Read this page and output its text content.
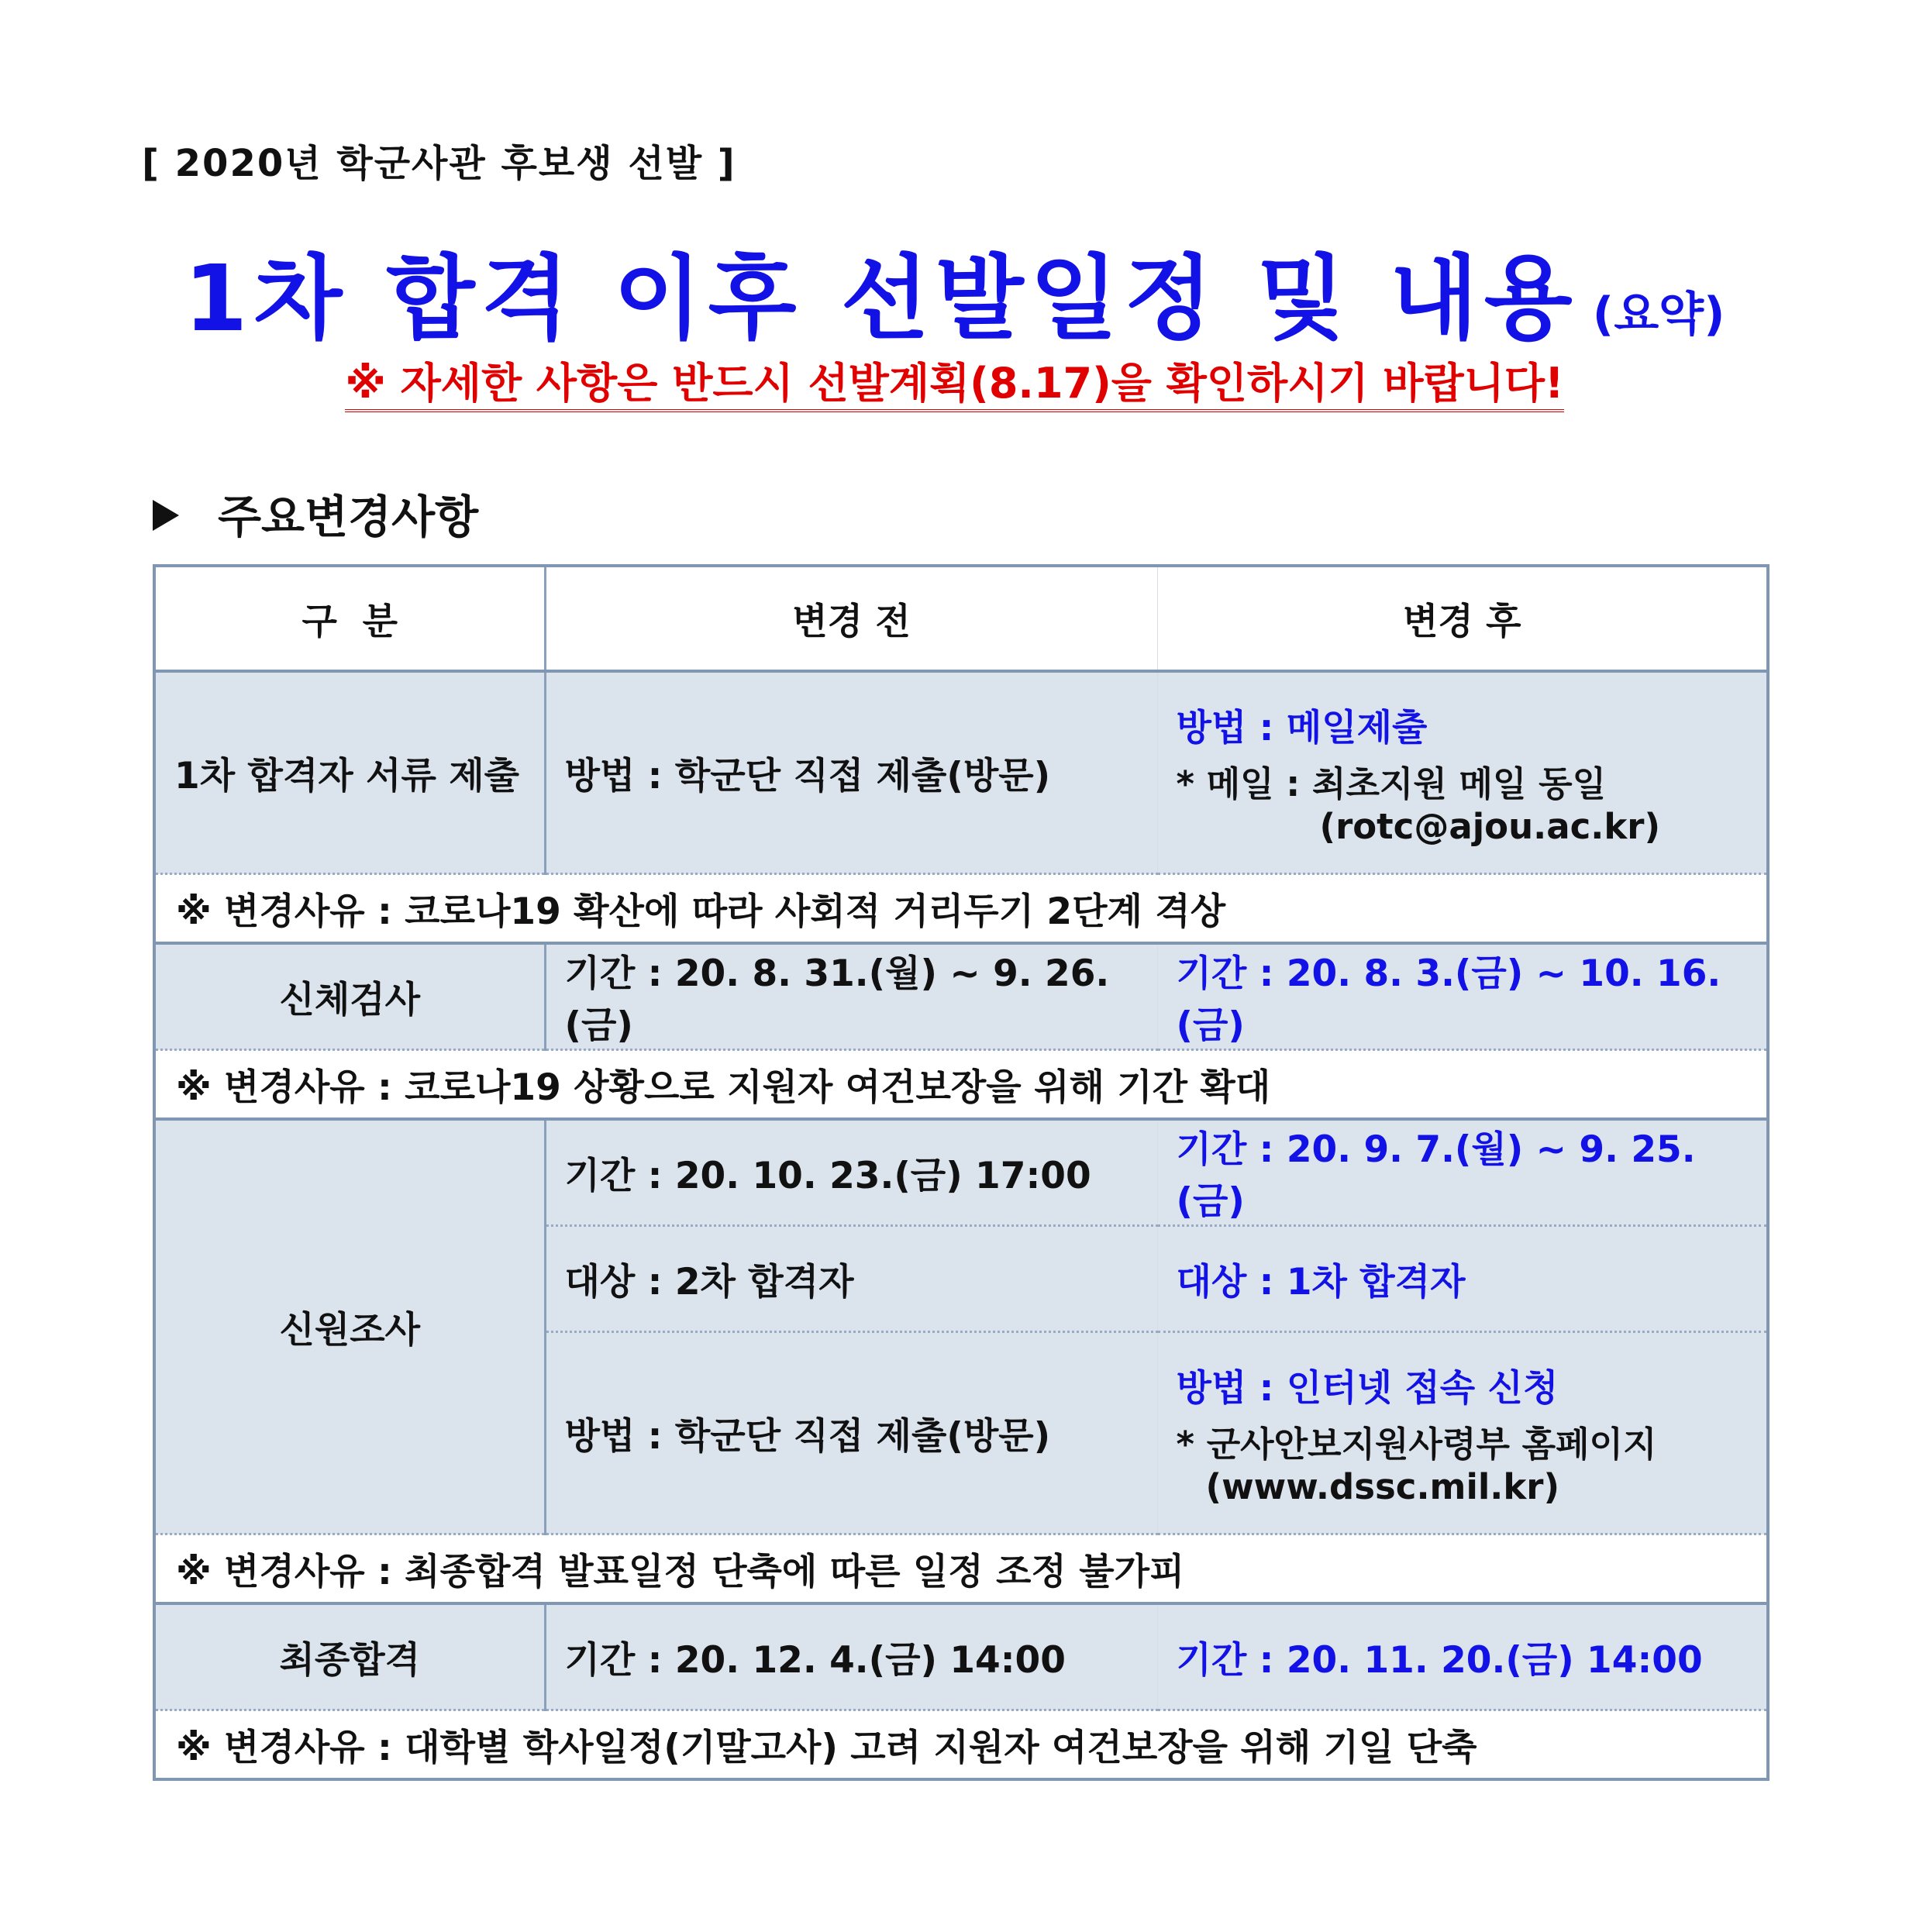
[ 2020년 학군사관 후보생 선발 ]
1차 합격 이후 선발일정 및 내용 (요약)
※ 자세한 사항은 반드시 선발계획(8.17)을 확인하시기 바랍니다!
주요변경사항
구  분	변경 전	변경 후
1차 합격자 서류 제출	방법 : 학군단 직접 제출(방문)	방법 : 메일제출
* 메일 : 최초지원 메일 동일
(rotc@ajou.ac.kr)

※ 변경사유 : 코로나19 확산에 따라 사회적 거리두기 2단계 격상		
신체검사	기간 : 20. 8. 31.(월) ~ 9. 26.(금)	기간 : 20. 8. 3.(금) ~ 10. 16.(금)
※ 변경사유 : 코로나19 상황으로 지원자 여건보장을 위해 기간 확대		
신원조사	기간 : 20. 10. 23.(금) 17:00	기간 : 20. 9. 7.(월) ~ 9. 25.(금)
	대상 : 2차 합격자	대상 : 1차 합격자
	방법 : 학군단 직접 제출(방문)	방법 : 인터넷 접속 신청
* 군사안보지원사령부 홈페이지
(www.dssc.mil.kr)

※ 변경사유 : 최종합격 발표일정 단축에 따른 일정 조정 불가피		
최종합격	기간 : 20. 12. 4.(금) 14:00	기간 : 20. 11. 20.(금) 14:00
※ 변경사유 : 대학별 학사일정(기말고사) 고려 지원자 여건보장을 위해 기일 단축		
